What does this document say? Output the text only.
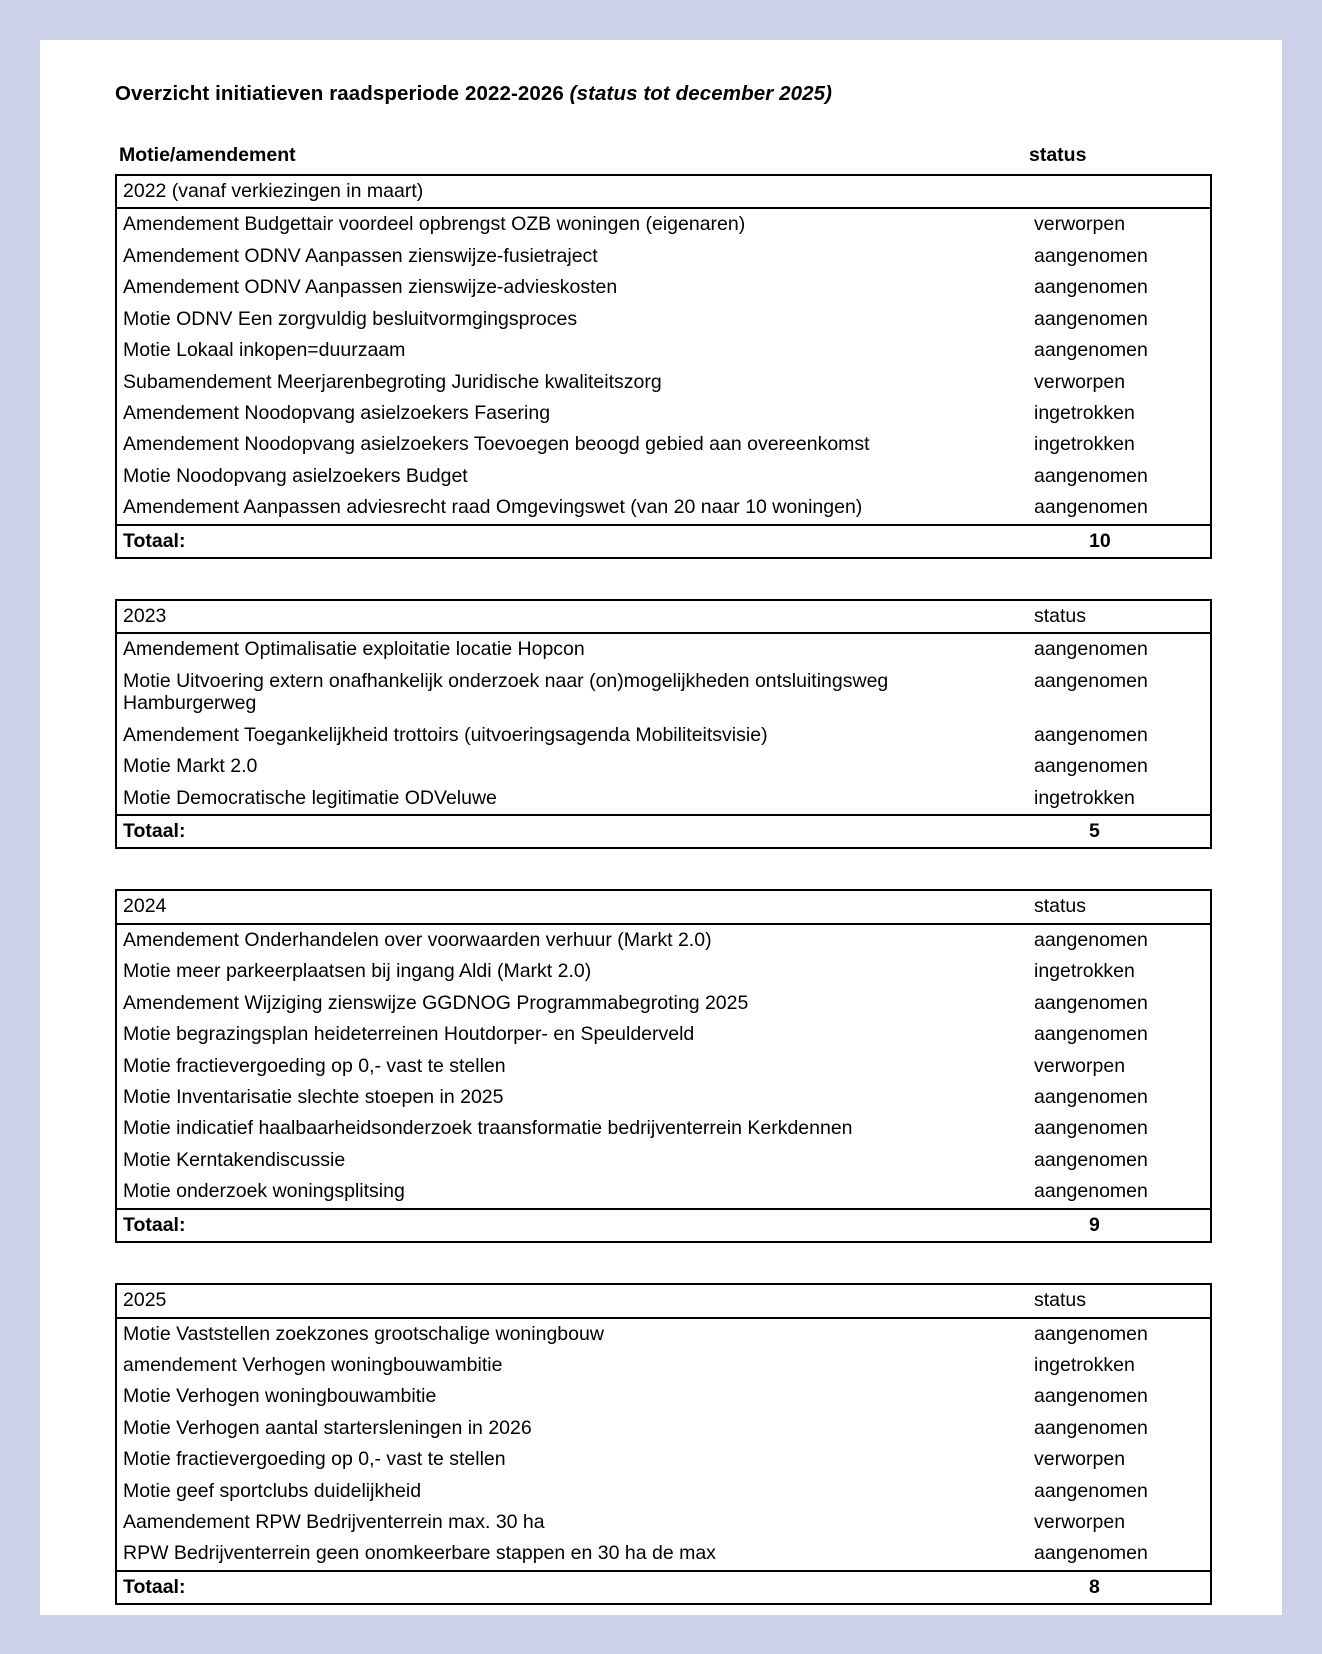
Overzicht initiatieven raadsperiode 2022-2026 (status tot december 2025)
Motie/amendement	status
2022 (vanaf verkiezingen in maart)	
Amendement Budgettair voordeel opbrengst OZB woningen (eigenaren)	verworpen
Amendement ODNV Aanpassen zienswijze-fusietraject	aangenomen
Amendement ODNV Aanpassen zienswijze-advieskosten	aangenomen
Motie ODNV Een zorgvuldig besluitvormgingsproces	aangenomen
Motie Lokaal inkopen=duurzaam	aangenomen
Subamendement Meerjarenbegroting Juridische kwaliteitszorg	verworpen
Amendement Noodopvang asielzoekers Fasering	ingetrokken
Amendement Noodopvang asielzoekers Toevoegen beoogd gebied aan overeenkomst	ingetrokken
Motie Noodopvang asielzoekers Budget	aangenomen
Amendement Aanpassen adviesrecht raad Omgevingswet (van 20 naar 10 woningen)	aangenomen
Totaal:	10
2023	status
Amendement Optimalisatie exploitatie locatie Hopcon	aangenomen
Motie Uitvoering extern onafhankelijk onderzoek naar (on)mogelijkheden ontsluitingsweg Hamburgerweg	aangenomen
Amendement Toegankelijkheid trottoirs (uitvoeringsagenda Mobiliteitsvisie)	aangenomen
Motie Markt 2.0	aangenomen
Motie Democratische legitimatie ODVeluwe	ingetrokken
Totaal:	5
2024	status
Amendement Onderhandelen over voorwaarden verhuur (Markt 2.0)	aangenomen
Motie meer parkeerplaatsen bij ingang Aldi (Markt 2.0)	ingetrokken
Amendement Wijziging zienswijze GGDNOG Programmabegroting 2025	aangenomen
Motie begrazingsplan heideterreinen Houtdorper- en Speulderveld	aangenomen
Motie fractievergoeding op 0,- vast te stellen	verworpen
Motie Inventarisatie slechte stoepen in 2025	aangenomen
Motie indicatief haalbaarheidsonderzoek traansformatie bedrijventerrein Kerkdennen	aangenomen
Motie Kerntakendiscussie	aangenomen
Motie onderzoek woningsplitsing	aangenomen
Totaal:	9
2025	status
Motie Vaststellen zoekzones grootschalige woningbouw	aangenomen
amendement Verhogen woningbouwambitie	ingetrokken
Motie Verhogen woningbouwambitie	aangenomen
Motie Verhogen aantal startersleningen in 2026	aangenomen
Motie fractievergoeding op 0,- vast te stellen	verworpen
Motie geef sportclubs duidelijkheid	aangenomen
Aamendement RPW Bedrijventerrein max. 30 ha	verworpen
RPW Bedrijventerrein geen onomkeerbare stappen en 30 ha de max	aangenomen
Totaal:	8
